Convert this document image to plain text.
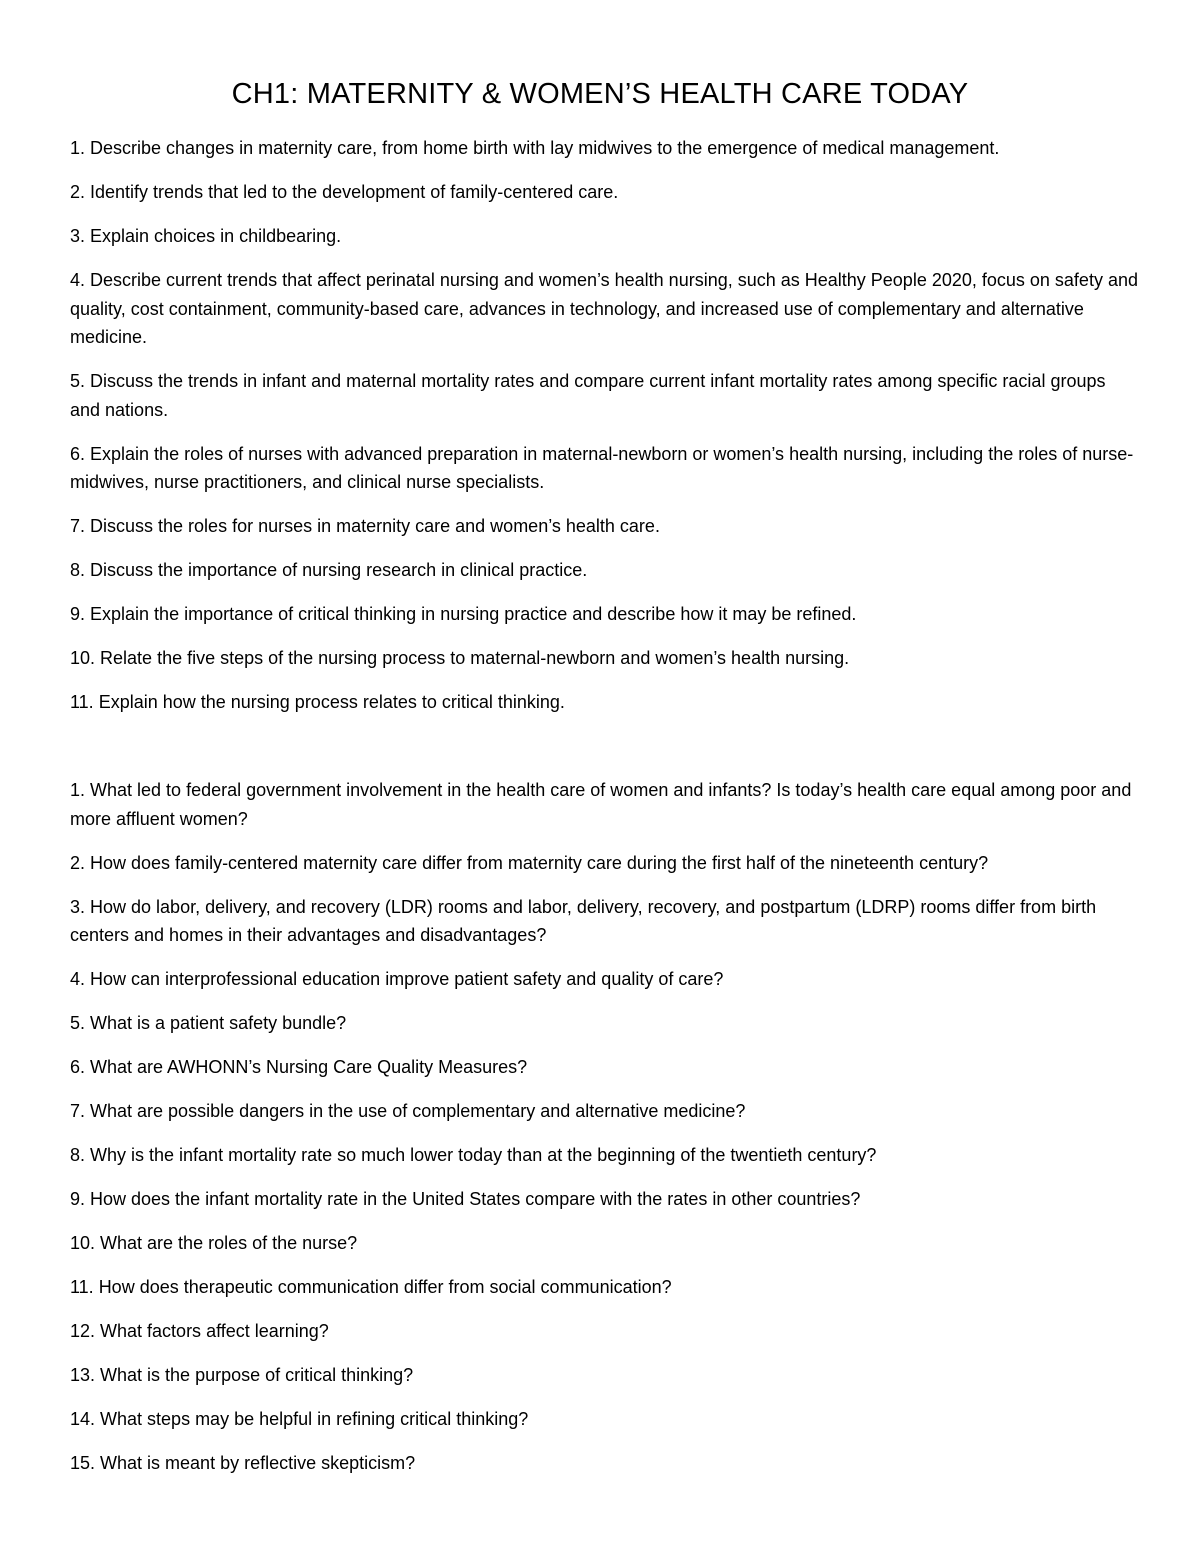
CH1: MATERNITY & WOMEN’S HEALTH CARE TODAY
1. Describe changes in maternity care, from home birth with lay midwives to the emergence of medical management.
2. Identify trends that led to the development of family-centered care.
3. Explain choices in childbearing.
4. Describe current trends that affect perinatal nursing and women’s health nursing, such as Healthy People 2020, focus on safety and quality, cost containment, community-based care, advances in technology, and increased use of complementary and alternative medicine.
5. Discuss the trends in infant and maternal mortality rates and compare current infant mortality rates among specific racial groups and nations.
6. Explain the roles of nurses with advanced preparation in maternal-newborn or women’s health nursing, including the roles of nurse-midwives, nurse practitioners, and clinical nurse specialists.
7. Discuss the roles for nurses in maternity care and women’s health care.
8. Discuss the importance of nursing research in clinical practice.
9. Explain the importance of critical thinking in nursing practice and describe how it may be refined.
10. Relate the five steps of the nursing process to maternal-newborn and women’s health nursing.
11. Explain how the nursing process relates to critical thinking.
1. What led to federal government involvement in the health care of women and infants? Is today’s health care equal among poor and more affluent women?
2. How does family-centered maternity care differ from maternity care during the first half of the nineteenth century?
3. How do labor, delivery, and recovery (LDR) rooms and labor, delivery, recovery, and postpartum (LDRP) rooms differ from birth centers and homes in their advantages and disadvantages?
4. How can interprofessional education improve patient safety and quality of care?
5. What is a patient safety bundle?
6. What are AWHONN’s Nursing Care Quality Measures?
7. What are possible dangers in the use of complementary and alternative medicine?
8. Why is the infant mortality rate so much lower today than at the beginning of the twentieth century?
9. How does the infant mortality rate in the United States compare with the rates in other countries?
10. What are the roles of the nurse?
11. How does therapeutic communication differ from social communication?
12. What factors affect learning?
13. What is the purpose of critical thinking?
14. What steps may be helpful in refining critical thinking?
15. What is meant by reflective skepticism?
